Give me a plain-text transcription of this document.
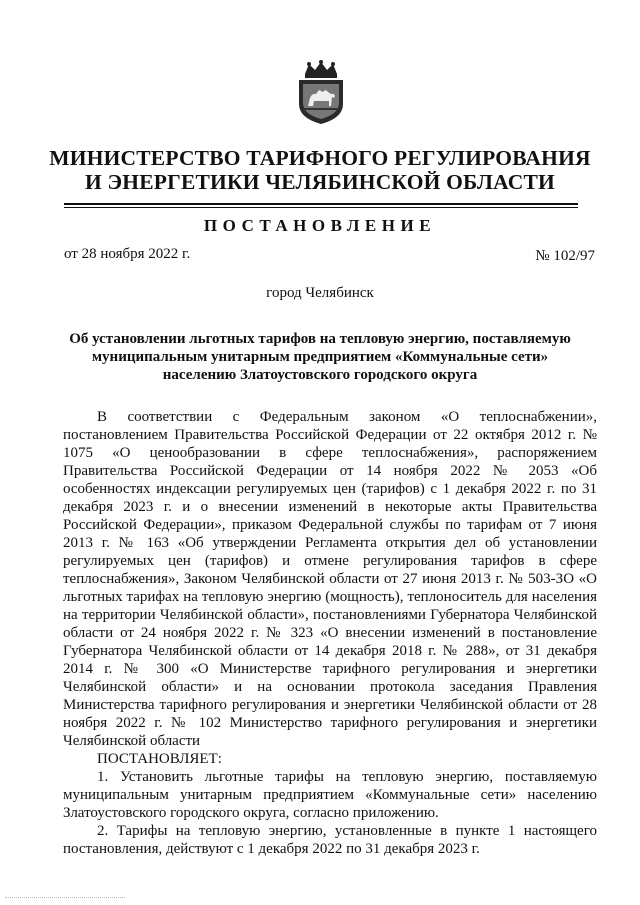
МИНИСТЕРСТВО ТАРИФНОГО РЕГУЛИРОВАНИЯ
И ЭНЕРГЕТИКИ ЧЕЛЯБИНСКОЙ ОБЛАСТИ
ПОСТАНОВЛЕНИЕ
от 28 ноября 2022 г.	№ 102/97
город Челябинск
Об установлении льготных тарифов на тепловую энергию, поставляемую муниципальным унитарным предприятием «Коммунальные сети» населению Златоустовского городского округа

В соответствии с Федеральным законом «О теплоснабжении», постановлением Правительства Российской Федерации от 22 октября 2012 г. № 1075 «О ценообразовании в сфере теплоснабжения», распоряжением Правительства Российской Федерации от 14 ноября 2022 № 2053 «Об особенностях индексации регулируемых цен (тарифов) с 1 декабря 2022 г. по 31 декабря 2023 г. и о внесении изменений в некоторые акты Правительства Российской Федерации», приказом Федеральной службы по тарифам от 7 июня 2013 г. № 163 «Об утверждении Регламента открытия дел об установлении регулируемых цен (тарифов) и отмене регулирования тарифов в сфере теплоснабжения», Законом Челябинской области от 27 июня 2013 г. № 503-ЗО «О льготных тарифах на тепловую энергию (мощность), теплоноситель для населения на территории Челябинской области», постановлениями Губернатора Челябинской области от 24 ноября 2022 г. № 323 «О внесении изменений в постановление Губернатора Челябинской области от 14 декабря 2018 г. № 288», от 31 декабря 2014 г. № 300 «О Министерстве тарифного регулирования и энергетики Челябинской области» и на основании протокола заседания Правления Министерства тарифного регулирования и энергетики Челябинской области от 28 ноября 2022 г. № 102 Министерство тарифного регулирования и энергетики Челябинской области

ПОСТАНОВЛЯЕТ:

1. Установить льготные тарифы на тепловую энергию, поставляемую муниципальным унитарным предприятием «Коммунальные сети» населению Златоустовского городского округа, согласно приложению.

2. Тарифы на тепловую энергию, установленные в пункте 1 настоящего постановления, действуют с 1 декабря 2022 по 31 декабря 2023 г.
